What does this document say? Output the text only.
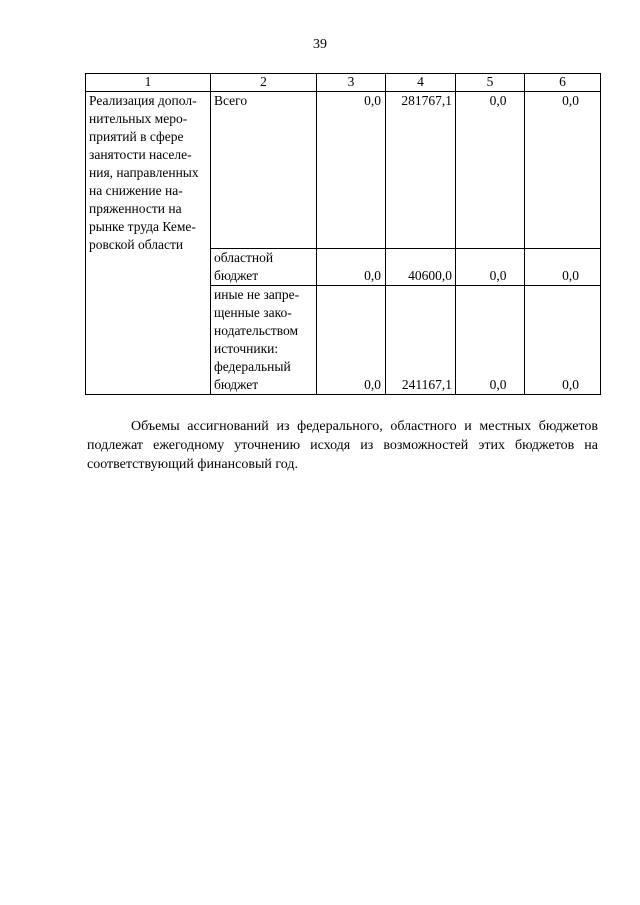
39
1	2	3	4	5	6
Реализация допол-нительных меро-приятий в сфере занятости населе-ния, направленных на снижение на-пряженности на рынке труда Кеме-ровской области	Всего	0,0	281767,1	0,0	0,0
	областной бюджет	0,0	40600,0	0,0	0,0
	иные не запре-щенные зако-нодательством источники: федеральный бюджет	0,0	241167,1	0,0	0,0

Объемы ассигнований из федерального, областного и местных бюджетов подлежат ежегодному уточнению исходя из возможностей этих бюджетов на соответствующий финансовый год.
